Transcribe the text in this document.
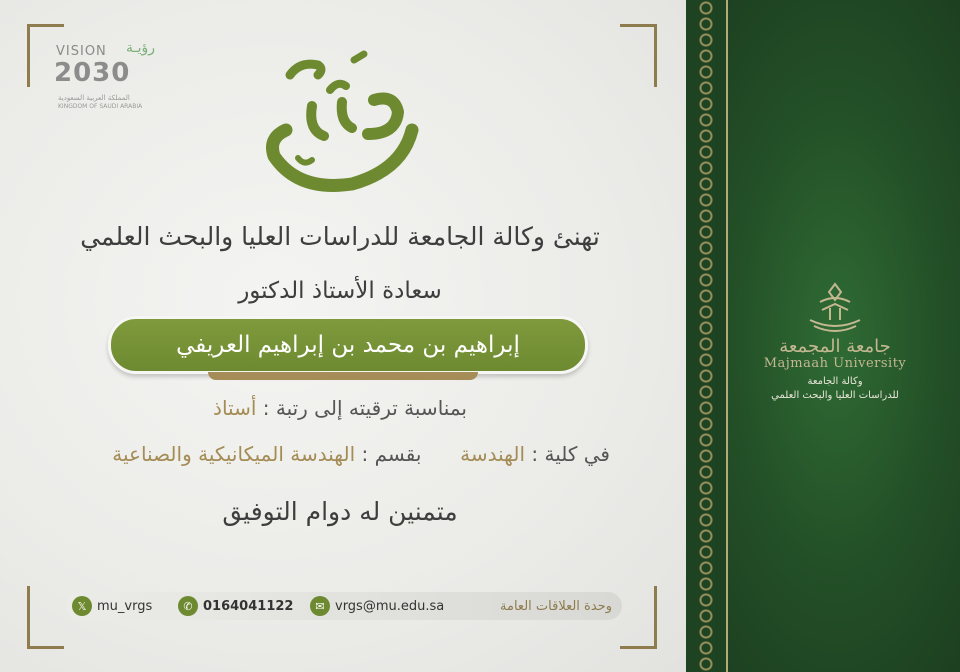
VISION رؤيـة
2030
المملكة العربية السعودية
KINGDOM OF SAUDI ARABIA
تهنئ وكالة الجامعة للدراسات العليا والبحث العلمي
سعادة الأستاذ الدكتور
إبراهيم بن محمد بن إبراهيم العريفي
بمناسبة ترقيته إلى رتبة : أستاذ
في كلية : الهندسة  بقسم : الهندسة الميكانيكية والصناعية
متمنين له دوام التوفيق
وحدة العلاقات العامة
✉ vrgs@mu.edu.sa
✆ 0164041122
𝕏 mu_vrgs
جامعة المجمعة
Majmaah University
وكالة الجامعة
للدراسات العليا والبحث العلمي
